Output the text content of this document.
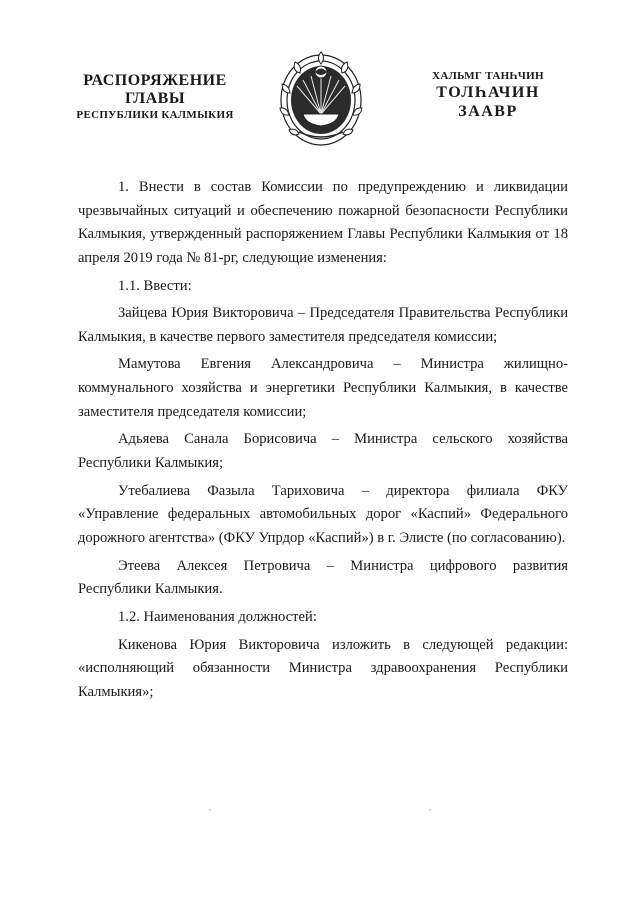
РАСПОРЯЖЕНИЕ
ГЛАВЫ
РЕСПУБЛИКИ КАЛМЫКИЯ
ХАЛЬМГ ТАНҺЧИН
ТОЛҺАЧИН
ЗААВР

1. Внести в состав Комиссии по предупреждению и ликвидации чрезвычайных ситуаций и обеспечению пожарной безопасности Республики Калмыкия, утвержденный распоряжением Главы Республики Калмыкия от 18 апреля 2019 года № 81-рг, следующие изменения:

1.1. Ввести:

Зайцева Юрия Викторовича – Председателя Правительства Республики Калмыкия, в качестве первого заместителя председателя комиссии;

Мамутова Евгения Александровича – Министра жилищно-коммунального хозяйства и энергетики Республики Калмыкия, в качестве заместителя председателя комиссии;

Адьяева Санала Борисовича – Министра сельского хозяйства Республики Калмыкия;

Утебалиева Фазыла Тариховича – директора филиала ФКУ «Управление федеральных автомобильных дорог «Каспий» Федерального дорожного агентства» (ФКУ Упрдор «Каспий») в г. Элисте (по согласованию).

Этеева Алексея Петровича – Министра цифрового развития Республики Калмыкия.

1.2. Наименования должностей:

Кикенова Юрия Викторовича изложить в следующей редакции: «исполняющий обязанности Министра здравоохранения Республики Калмыкия»;
